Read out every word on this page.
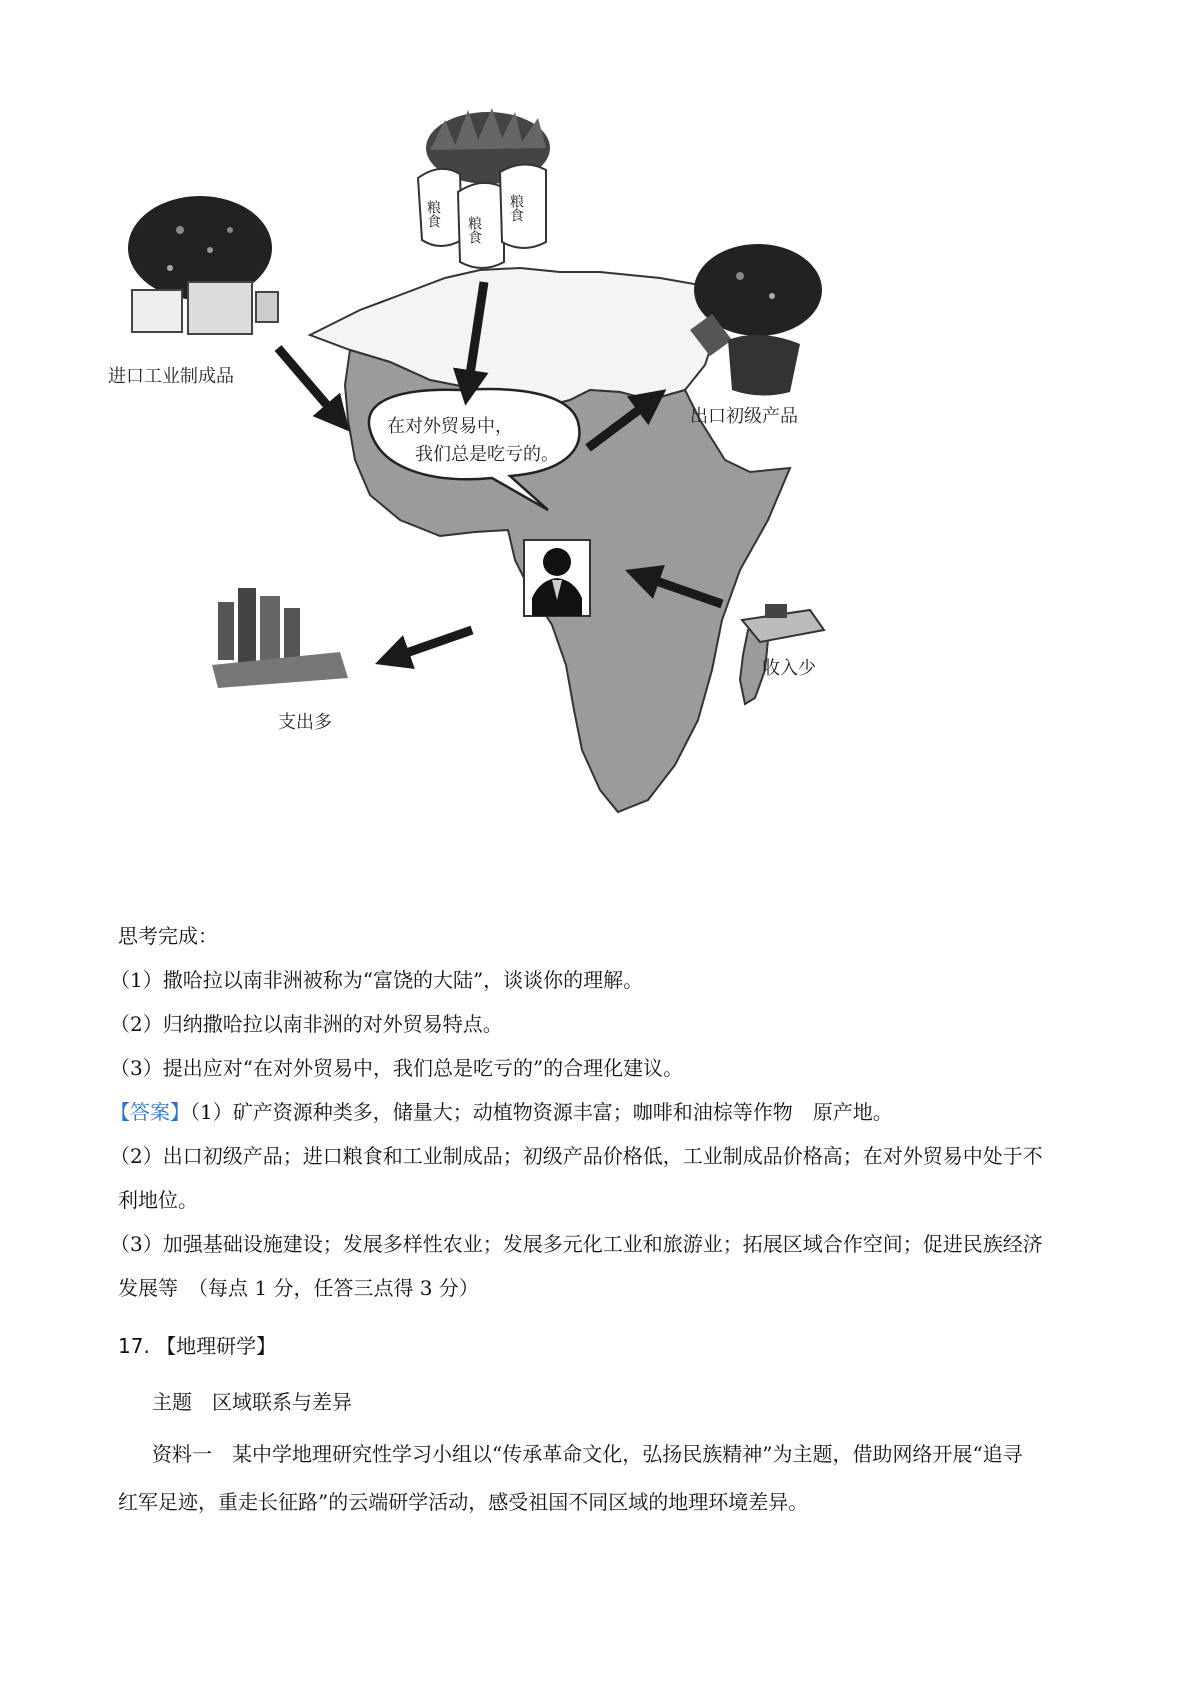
在对外贸易中，
我们总是吃亏的。
粮食
粮食
粮食
进口工业制成品
出口初级产品
支出多
收入少
思考完成：
（1）撒哈拉以南非洲被称为“富饶的大陆”，谈谈你的理解。
（2）归纳撒哈拉以南非洲的对外贸易特点。
（3）提出应对“在对外贸易中，我们总是吃亏的”的合理化建议。
【答案】（1）矿产资源种类多，储量大；动植物资源丰富；咖啡和油棕等作物　原产地。
（2）出口初级产品；进口粮食和工业制成品；初级产品价格低，工业制成品价格高；在对外贸易中处于不
利地位。
（3）加强基础设施建设；发展多样性农业；发展多元化工业和旅游业；拓展区域合作空间；促进民族经济
发展等　（每点 1 分，任答三点得 3 分）
17. 【地理研学】
主题　区域联系与差异
资料一　某中学地理研究性学习小组以“传承革命文化，弘扬民族精神”为主题，借助网络开展“追寻
红军足迹，重走长征路”的云端研学活动，感受祖国不同区域的地理环境差异。
